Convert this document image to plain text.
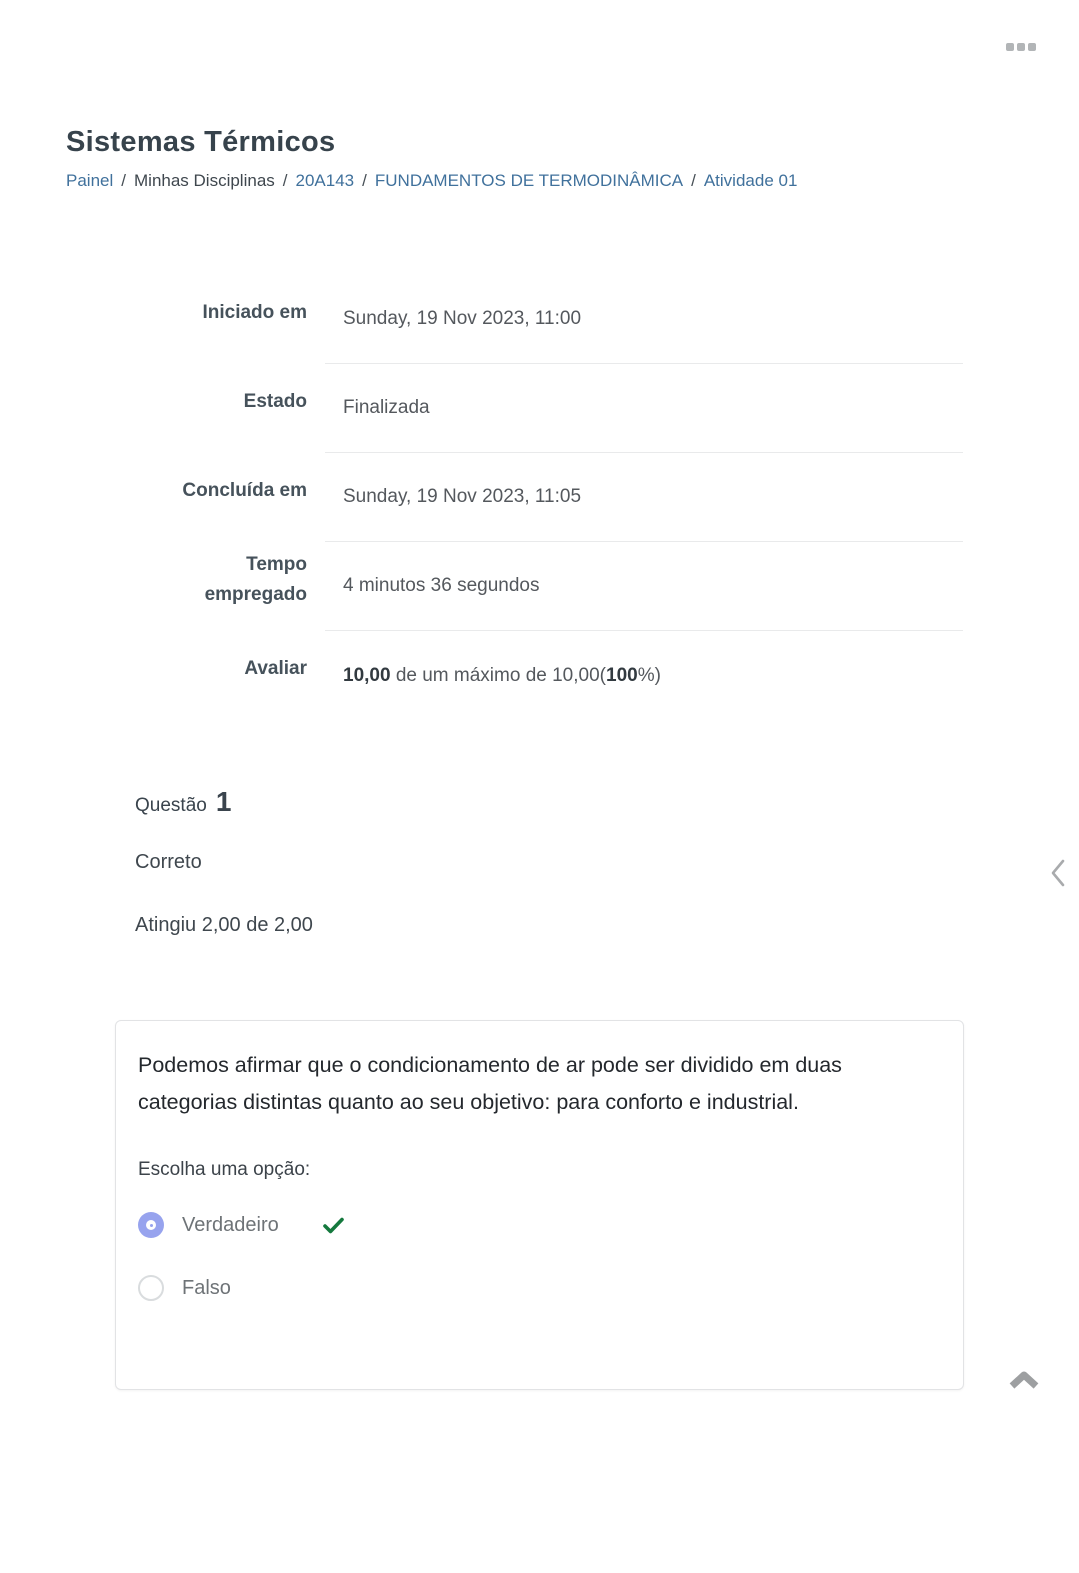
Sistemas Térmicos
Painel / Minhas Disciplinas / 20A143 / FUNDAMENTOS DE TERMODINÂMICA / Atividade 01
Iniciado em	Sunday, 19 Nov 2023, 11:00
Estado	Finalizada
Concluída em	Sunday, 19 Nov 2023, 11:05
Tempo empregado	4 minutos 36 segundos
Avaliar 10,00 de um máximo de 10,00(100%)
Questão 1
Correto
Atingiu 2,00 de 2,00

Podemos afirmar que o condicionamento de ar pode ser dividido em duas categorias distintas quanto ao seu objetivo: para conforto e industrial.

Escolha uma opção:

Verdadeiro
Falso
